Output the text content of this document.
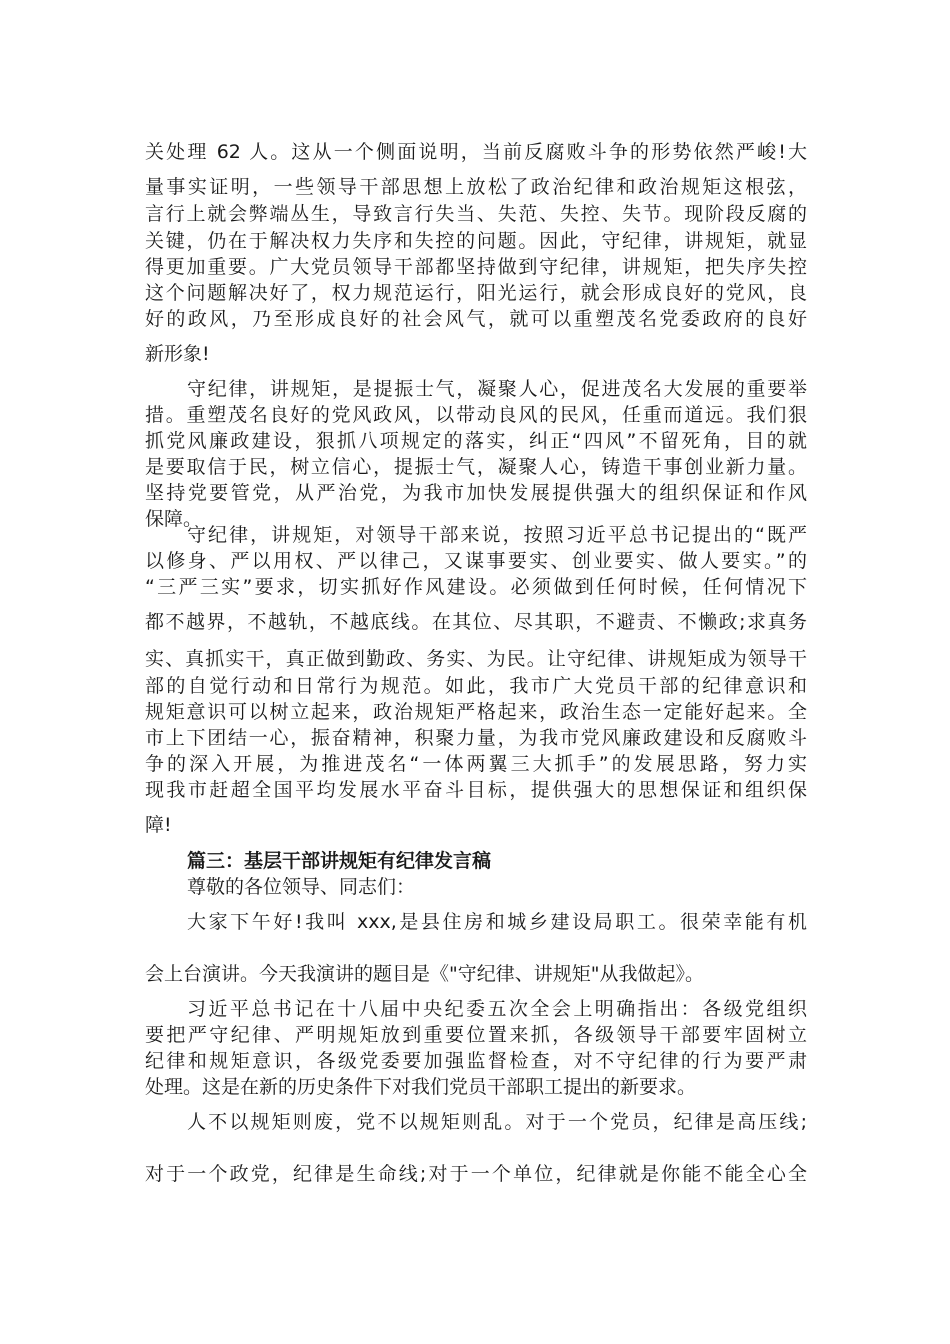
关处理 62 人。这从一个侧面说明，当前反腐败斗争的形势依然严峻!大

量事实证明，一些领导干部思想上放松了政治纪律和政治规矩这根弦，

言行上就会弊端丛生，导致言行失当、失范、失控、失节。现阶段反腐的

关键，仍在于解决权力失序和失控的问题。因此，守纪律，讲规矩，就显

得更加重要。广大党员领导干部都坚持做到守纪律，讲规矩，把失序失控

这个问题解决好了，权力规范运行，阳光运行，就会形成良好的党风，良

好的政风，乃至形成良好的社会风气，就可以重塑茂名党委政府的良好

新形象!

守纪律，讲规矩，是提振士气，凝聚人心，促进茂名大发展的重要举

措。重塑茂名良好的党风政风，以带动良风的民风，任重而道远。我们狠

抓党风廉政建设，狠抓八项规定的落实，纠正“四风”不留死角，目的就

是要取信于民，树立信心，提振士气，凝聚人心，铸造干事创业新力量。

坚持党要管党，从严治党，为我市加快发展提供强大的组织保证和作风

保障。

守纪律，讲规矩，对领导干部来说，按照习近平总书记提出的“既严

以修身、严以用权、严以律己，又谋事要实、创业要实、做人要实。”的

“三严三实”要求，切实抓好作风建设。必须做到任何时候，任何情况下

都不越界，不越轨，不越底线。在其位、尽其职，不避责、不懒政;求真务

实、真抓实干，真正做到勤政、务实、为民。让守纪律、讲规矩成为领导干

部的自觉行动和日常行为规范。如此，我市广大党员干部的纪律意识和

规矩意识可以树立起来，政治规矩严格起来，政治生态一定能好起来。全

市上下团结一心，振奋精神，积聚力量，为我市党风廉政建设和反腐败斗

争的深入开展，为推进茂名“一体两翼三大抓手”的发展思路，努力实

现我市赶超全国平均发展水平奋斗目标，提供强大的思想保证和组织保

障!

篇三：基层干部讲规矩有纪律发言稿

尊敬的各位领导、同志们：

大家下午好!我叫 xxx,是县住房和城乡建设局职工。很荣幸能有机

会上台演讲。今天我演讲的题目是《"守纪律、讲规矩"从我做起》。

习近平总书记在十八届中央纪委五次全会上明确指出：各级党组织

要把严守纪律、严明规矩放到重要位置来抓，各级领导干部要牢固树立

纪律和规矩意识，各级党委要加强监督检查，对不守纪律的行为要严肃

处理。这是在新的历史条件下对我们党员干部职工提出的新要求。

人不以规矩则废，党不以规矩则乱。对于一个党员，纪律是高压线;

对于一个政党，纪律是生命线;对于一个单位，纪律就是你能不能全心全
